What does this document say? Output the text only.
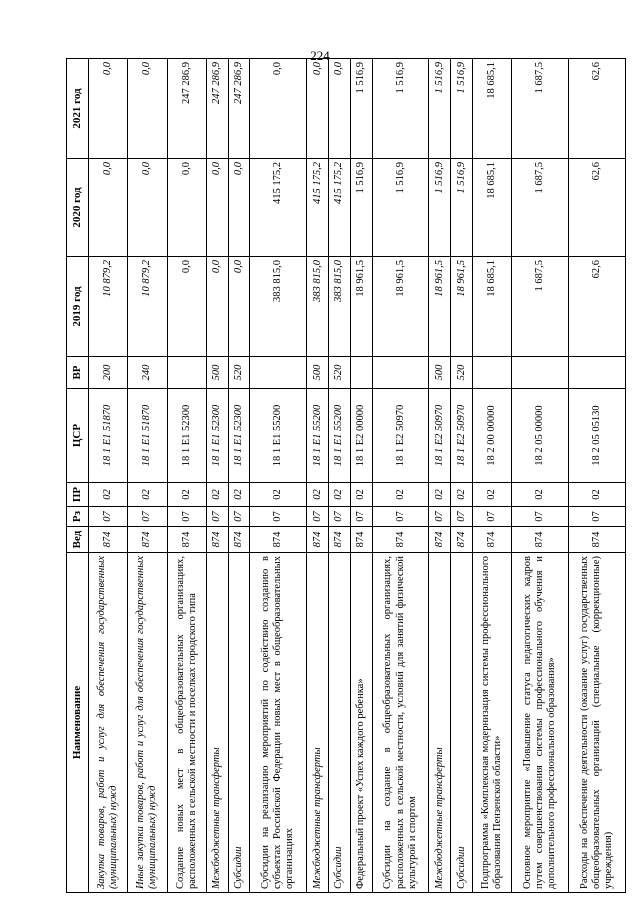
224
Наименование	Вед	Рз	ПР	ЦСР	ВР	2019 год	2020 год	2021 год
Закупка товаров, работ и услуг для обеспечения государственных (муниципальных) нужд	874	07	02	18 1 E1 51870	200	10 879,2	0,0	0,0
Иные закупки товаров, работ и услуг для обеспечения государственных (муниципальных) нужд	874	07	02	18 1 E1 51870	240	10 879,2	0,0	0,0
Создание новых мест в общеобразовательных организациях, расположенных в сельской местности и поселках городского типа	874	07	02	18 1 E1 52300		0,0	0,0	247 286,9
Межбюджетные трансферты	874	07	02	18 1 E1 52300	500	0,0	0,0	247 286,9
Субсидии	874	07	02	18 1 E1 52300	520	0,0	0,0	247 286,9
Субсидии на реализацию мероприятий по содействию созданию в субъектах Российской Федерации новых мест в общеобразовательных организациях	874	07	02	18 1 E1 55200		383 815,0	415 175,2	0,0
Межбюджетные трансферты	874	07	02	18 1 E1 55200	500	383 815,0	415 175,2	0,0
Субсидии	874	07	02	18 1 E1 55200	520	383 815,0	415 175,2	0,0
Федеральный проект «Успех каждого ребенка»	874	07	02	18 1 E2 00000		18 961,5	1 516,9	1 516,9
Субсидии на создание в общеобразовательных организациях, расположенных в сельской местности, условий для занятий физической культурой и спортом	874	07	02	18 1 E2 50970		18 961,5	1 516,9	1 516,9
Межбюджетные трансферты	874	07	02	18 1 E2 50970	500	18 961,5	1 516,9	1 516,9
Субсидии	874	07	02	18 1 E2 50970	520	18 961,5	1 516,9	1 516,9
Подпрограмма «Комплексная модернизация системы профессионального образования Пензенской области»	874	07	02	18 2 00 00000		18 685,1	18 685,1	18 685,1
Основное мероприятие «Повышение статуса педагогических кадров путем совершенствования системы профессионального обучения и дополнительного профессионального образования»	874	07	02	18 2 05 00000		1 687,5	1 687,5	1 687,5
Расходы на обеспечение деятельности (оказание услуг) государственных общеобразовательных организаций (специальные (коррекционные) учреждения)	874	07	02	18 2 05 05130		62,6	62,6	62,6
